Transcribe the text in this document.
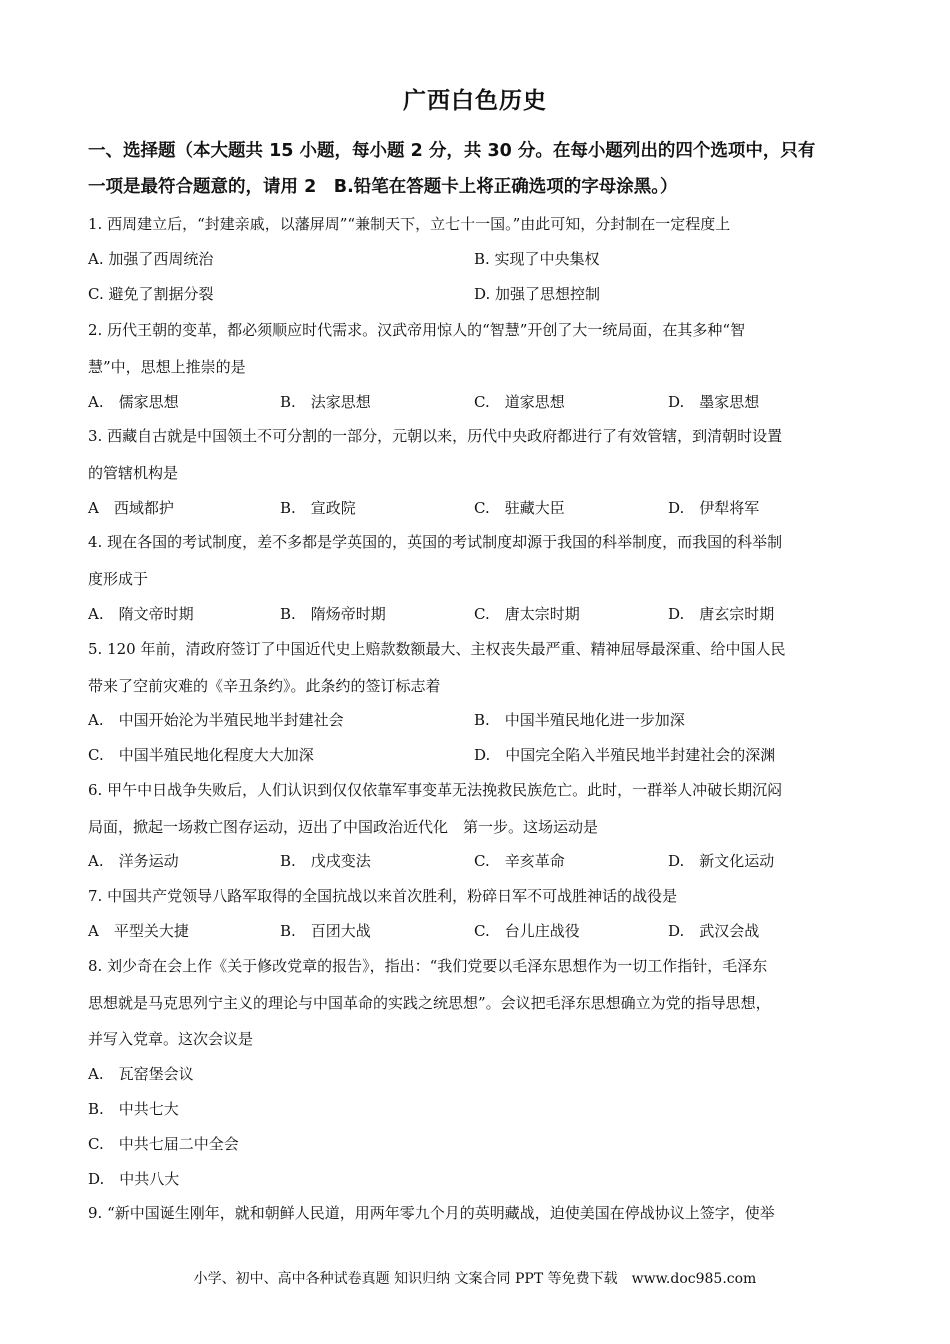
广西白色历史
一、选择题（本大题共 15 小题，每小题 2 分，共 30 分。在每小题列出的四个选项中，只有
一项是最符合题意的，请用 2　B.铅笔在答题卡上将正确选项的字母涂黑。）
1. 西周建立后，“封建亲戚，以藩屏周”“兼制天下，立七十一国。”由此可知，分封制在一定程度上
A. 加强了西周统治	B. 实现了中央集权
C. 避免了割据分裂	D. 加强了思想控制
2. 历代王朝的变革，都必须顺应时代需求。汉武帝用惊人的“智慧”开创了大一统局面，在其多种“智
慧”中，思想上推崇的是
A.　儒家思想	B.　法家思想	C.　道家思想	D.　墨家思想
3. 西藏自古就是中国领土不可分割的一部分，元朝以来，历代中央政府都进行了有效管辖，到清朝时设置
的管辖机构是
A　西域都护	B.　宣政院	C.　驻藏大臣	D.　伊犁将军
4. 现在各国的考试制度，差不多都是学英国的，英国的考试制度却源于我国的科举制度，而我国的科举制
度形成于
A.　隋文帝时期	B.　隋炀帝时期	C.　唐太宗时期	D.　唐玄宗时期
5. 120 年前，清政府签订了中国近代史上赔款数额最大、主权丧失最严重、精神屈辱最深重、给中国人民
带来了空前灾难的《辛丑条约》。此条约的签订标志着
A.　中国开始沦为半殖民地半封建社会	B.　中国半殖民地化进一步加深
C.　中国半殖民地化程度大大加深	D.　中国完全陷入半殖民地半封建社会的深渊
6. 甲午中日战争失败后，人们认识到仅仅依靠军事变革无法挽救民族危亡。此时，一群举人冲破长期沉闷
局面，掀起一场救亡图存运动，迈出了中国政治近代化　第一步。这场运动是
A.　洋务运动	B.　戊戌变法	C.　辛亥革命	D.　新文化运动
7. 中国共产党领导八路军取得的全国抗战以来首次胜利，粉碎日军不可战胜神话的战役是
A　平型关大捷	B.　百团大战	C.　台儿庄战役	D.　武汉会战
8. 刘少奇在会上作《关于修改党章的报告》，指出：“我们党要以毛泽东思想作为一切工作指针，毛泽东
思想就是马克思列宁主义的理论与中国革命的实践之统思想”。会议把毛泽东思想确立为党的指导思想，
并写入党章。这次会议是
A.　瓦窑堡会议
B.　中共七大
C.　中共七届二中全会
D.　中共八大
9. “新中国诞生刚年，就和朝鲜人民道，用两年零九个月的英明藏战，迫使美国在停战协议上签字，使举
小学、初中、高中各种试卷真题 知识归纳 文案合同 PPT 等免费下载　www.doc985.com
